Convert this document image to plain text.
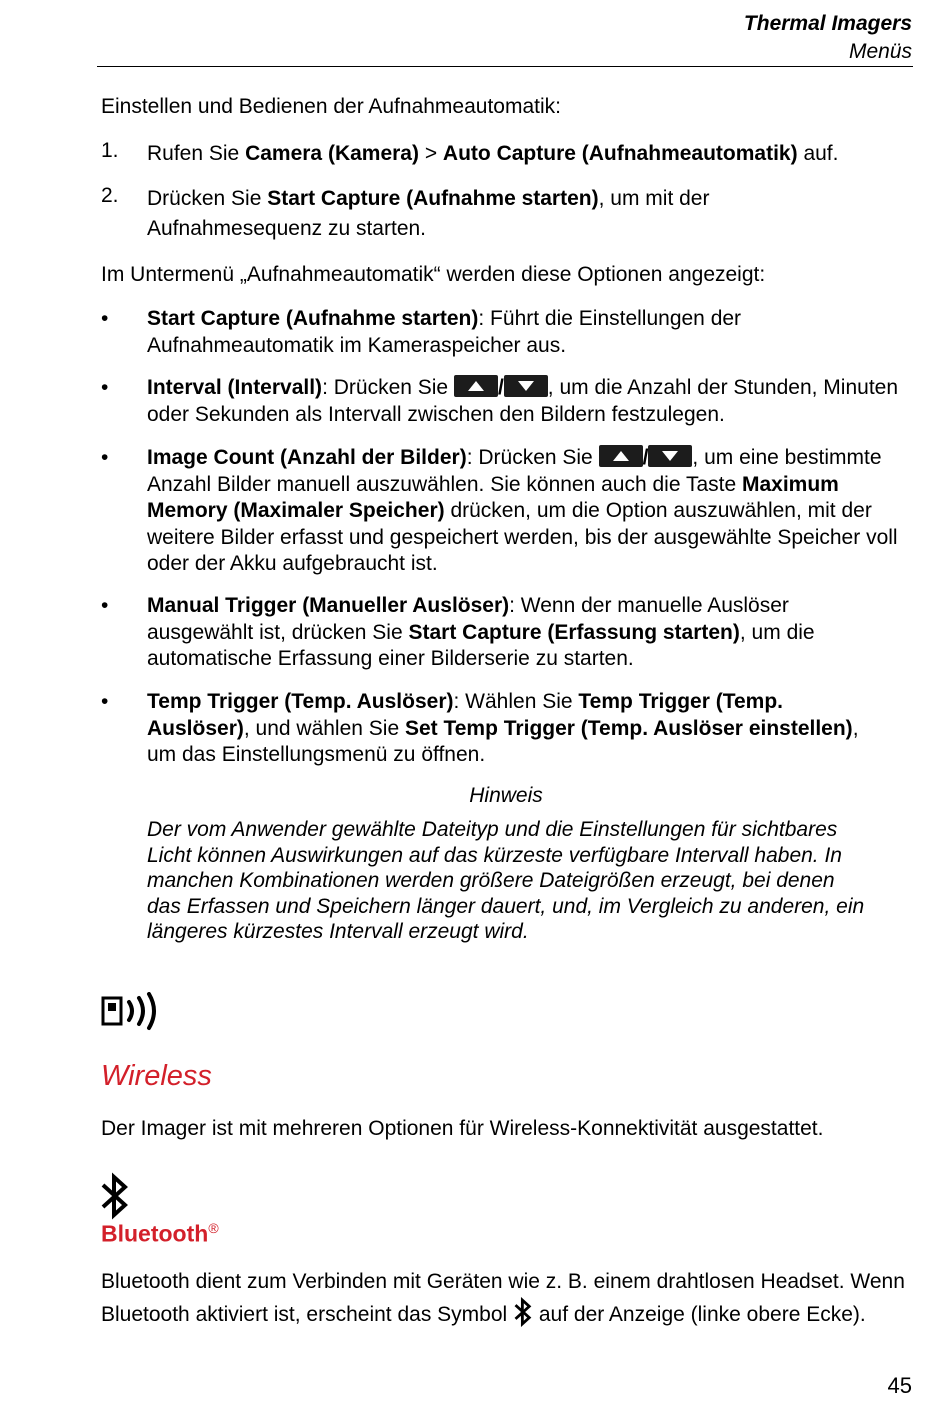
Thermal Imagers
Menüs
Einstellen und Bedienen der Aufnahmeautomatik:
1. Rufen Sie Camera (Kamera) > Auto Capture (Aufnahmeautomatik) auf.
2. Drücken Sie Start Capture (Aufnahme starten), um mit der Aufnahmesequenz zu starten.
Im Untermenü „Aufnahmeautomatik“ werden diese Optionen angezeigt:
• Start Capture (Aufnahme starten): Führt die Einstellungen der Aufnahmeautomatik im Kameraspeicher aus.
• Interval (Intervall): Drücken Sie
/ , um die Anzahl der Stunden, Minuten oder Sekunden als Intervall zwischen den Bildern festzulegen.
• Image Count (Anzahl der Bilder): Drücken Sie
/ , um eine bestimmte Anzahl Bilder manuell auszuwählen. Sie können auch die Taste Maximum Memory (Maximaler Speicher) drücken, um die Option auszuwählen, mit der weitere Bilder erfasst und gespeichert werden, bis der ausgewählte Speicher voll oder der Akku aufgebraucht ist.
• Manual Trigger (Manueller Auslöser): Wenn der manuelle Auslöser ausgewählt ist, drücken Sie Start Capture (Erfassung starten), um die automatische Erfassung einer Bilderserie zu starten.
• Temp Trigger (Temp. Auslöser): Wählen Sie Temp Trigger (Temp. Auslöser), und wählen Sie Set Temp Trigger (Temp. Auslöser einstellen), um das Einstellungsmenü zu öffnen.
Hinweis
Der vom Anwender gewählte Dateityp und die Einstellungen für sichtbares Licht können Auswirkungen auf das kürzeste verfügbare Intervall haben. In manchen Kombinationen werden größere Dateigrößen erzeugt, bei denen das Erfassen und Speichern länger dauert, und, im Vergleich zu anderen, ein längeres kürzestes Intervall erzeugt wird.
Wireless
Der Imager ist mit mehreren Optionen für Wireless-Konnektivität ausgestattet.
Bluetooth®
Bluetooth dient zum Verbinden mit Geräten wie z. B. einem drahtlosen Headset. Wenn Bluetooth aktiviert ist, erscheint das Symbol  auf der Anzeige (linke obere Ecke).
45
